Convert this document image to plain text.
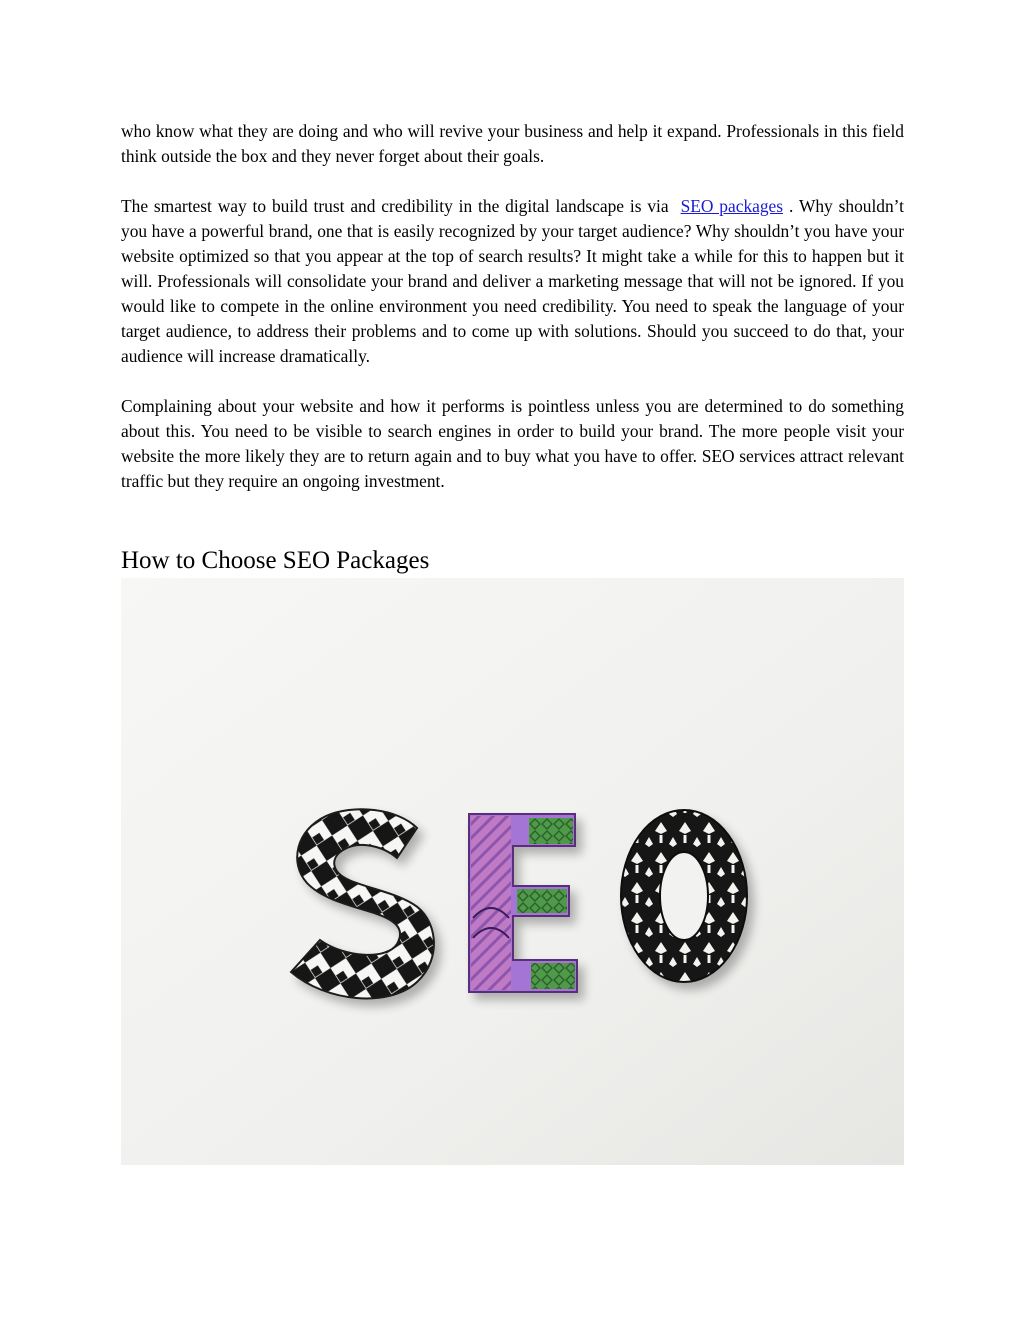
who know what they are doing and who will revive your business and help it expand. Professionals in this field think outside the box and they never forget about their goals.

The smartest way to build trust and credibility in the digital landscape is via SEO packages . Why shouldn’t you have a powerful brand, one that is easily recognized by your target audience? Why shouldn’t you have your website optimized so that you appear at the top of search results? It might take a while for this to happen but it will. Professionals will consolidate your brand and deliver a marketing message that will not be ignored. If you would like to compete in the online environment you need credibility. You need to speak the language of your target audience, to address their problems and to come up with solutions. Should you succeed to do that, your audience will increase dramatically.

Complaining about your website and how it performs is pointless unless you are determined to do something about this. You need to be visible to search engines in order to build your brand. The more people visit your website the more likely they are to return again and to buy what you have to offer. SEO services attract relevant traffic but they require an ongoing investment.

How to Choose SEO Packages
